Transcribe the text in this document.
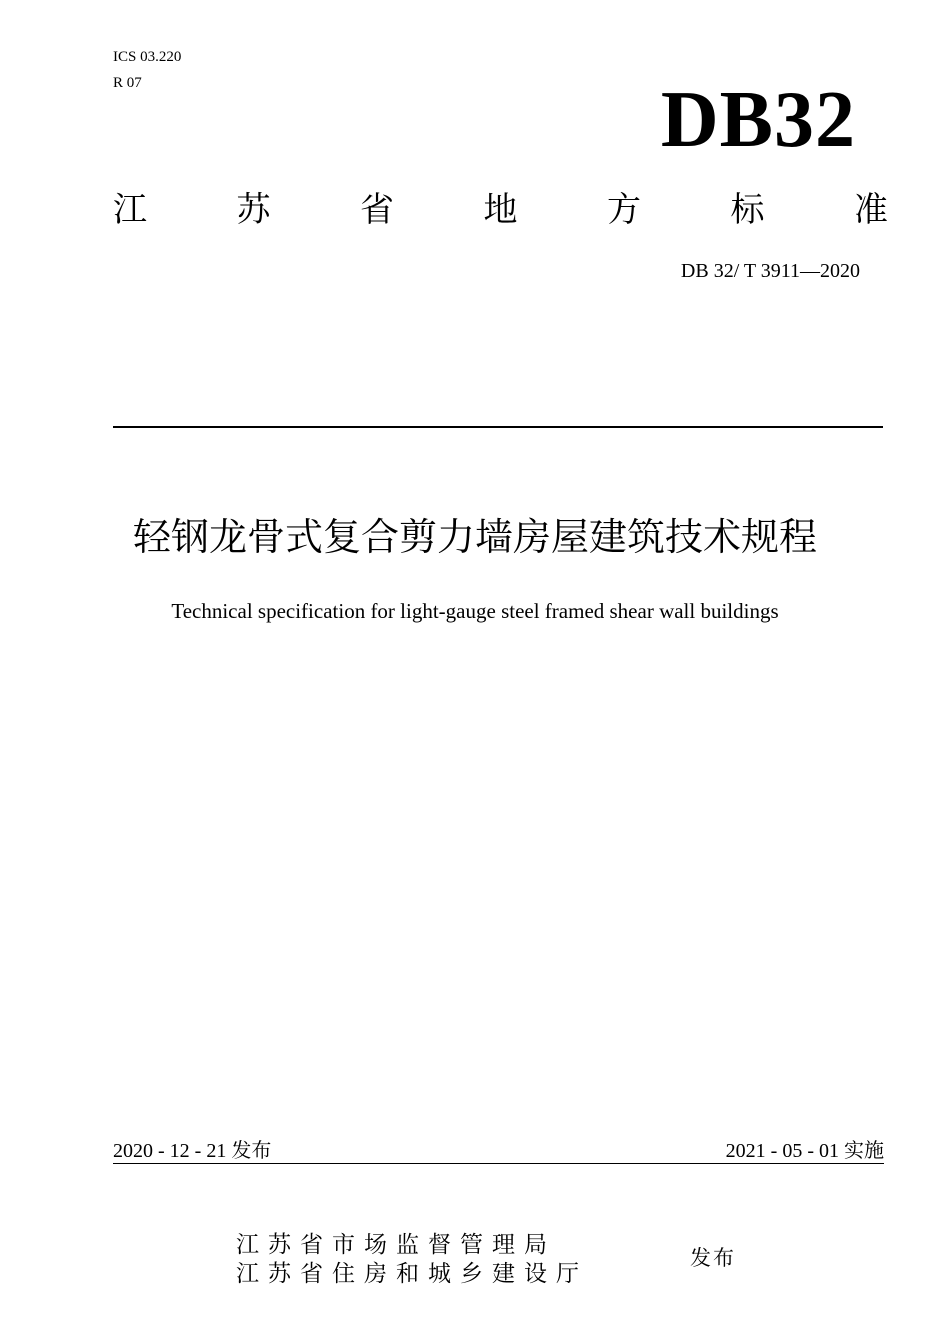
ICS 03.220
R 07	DB32
江	苏	省	地	方	标	准
DB 32/ T 3911—2020
轻钢龙骨式复合剪力墙房屋建筑技术规程
Technical specification for light-gauge steel framed shear wall buildings
2020 - 12 - 21 发布	2021 - 05 - 01 实施
江苏省市场监督管理局
江苏省住房和城乡建设厅
发布
